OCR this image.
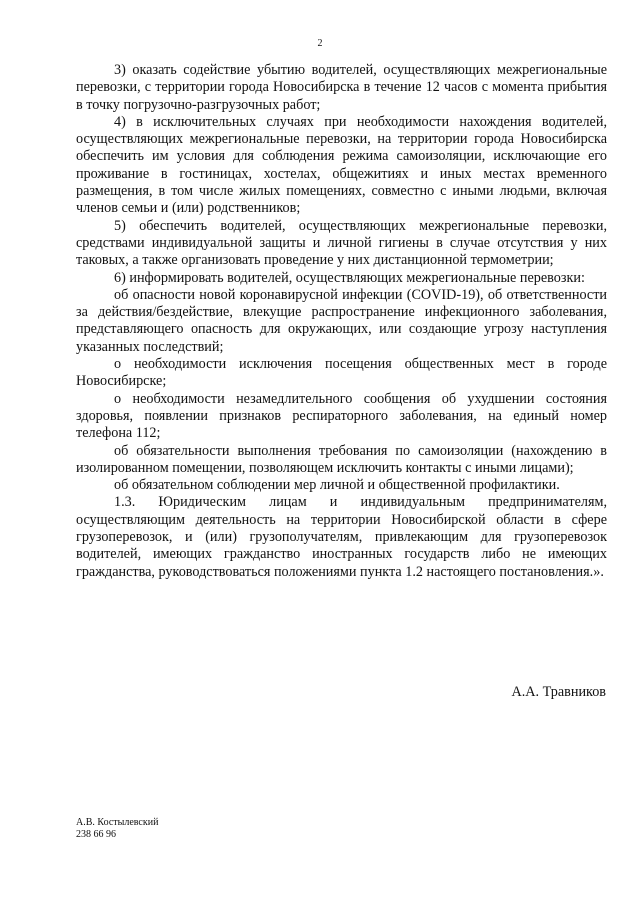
2

3) оказать содействие убытию водителей, осуществляющих межрегиональные перевозки, с территории города Новосибирска в течение 12 часов с момента прибытия в точку погрузочно-разгрузочных работ;

4) в исключительных случаях при необходимости нахождения водителей, осуществляющих межрегиональные перевозки, на территории города Новосибирска обеспечить им условия для соблюдения режима самоизоляции, исключающие его проживание в гостиницах, хостелах, общежитиях и иных местах временного размещения, в том числе жилых помещениях, совместно с иными людьми, включая членов семьи и (или) родственников;

5) обеспечить водителей, осуществляющих межрегиональные перевозки, средствами индивидуальной защиты и личной гигиены в случае отсутствия у них таковых, а также организовать проведение у них дистанционной термометрии;

6) информировать водителей, осуществляющих межрегиональные перевозки:

об опасности новой коронавирусной инфекции (COVID-19), об ответственности за действия/бездействие, влекущие распространение инфекционного заболевания, представляющего опасность для окружающих, или создающие угрозу наступления указанных последствий;

о необходимости исключения посещения общественных мест в городе Новосибирске;

о необходимости незамедлительного сообщения об ухудшении состояния здоровья, появлении признаков респираторного заболевания, на единый номер телефона 112;

об обязательности выполнения требования по самоизоляции (нахождению в изолированном помещении, позволяющем исключить контакты с иными лицами);

об обязательном соблюдении мер личной и общественной профилактики.

1.3. Юридическим лицам и индивидуальным предпринимателям, осуществляющим деятельность на территории Новосибирской области в сфере грузоперевозок, и (или) грузополучателям, привлекающим для грузоперевозок водителей, имеющих гражданство иностранных государств либо не имеющих гражданства, руководствоваться положениями пункта 1.2 настоящего постановления.».

А.А. Травников
А.В. Костылевский
238 66 96
